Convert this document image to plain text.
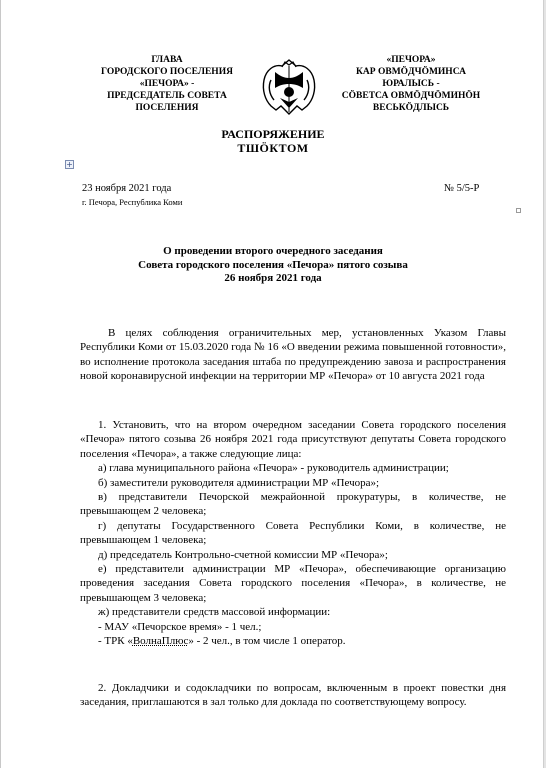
ГЛАВА
ГОРОДСКОГО ПОСЕЛЕНИЯ
«ПЕЧОРА» -
ПРЕДСЕДАТЕЛЬ СОВЕТА
ПОСЕЛЕНИЯ
«ПЕЧОРА»
КАР ОВМÖДЧÖМИНСА
ЮРАЛЫСЬ -
СÖВЕТСА ОВМÖДЧÖМИНÖН
ВЕСЬКÖДЛЫСЬ
РАСПОРЯЖЕНИЕ
ТШÖКТОМ
+
23 ноября 2021 года	№ 5/5-Р
г. Печора, Республика Коми
О проведении второго очередного заседания
Совета городского поселения «Печора» пятого созыва
26 ноября 2021 года

В целях соблюдения ограничительных мер, установленных Указом Главы Республики Коми от 15.03.2020 года № 16 «О введении режима повышенной готовности», во исполнение протокола заседания штаба по предупреждению завоза и распространения новой коронавирусной инфекции на территории МР «Печора» от 10 августа 2021 года

1. Установить, что на втором очередном заседании Совета городского поселения «Печора» пятого созыва 26 ноября 2021 года присутствуют депутаты Совета городского поселения «Печора», а также следующие лица:

а) глава муниципального района «Печора» - руководитель администрации;

б) заместители руководителя администрации МР «Печора»;

в) представители Печорской межрайонной прокуратуры, в количестве, не превышающем 2 человека;

г) депутаты Государственного Совета Республики Коми, в количестве, не превышающем 1 человека;

д) председатель Контрольно-счетной комиссии МР «Печора»;

е) представители администрации МР «Печора», обеспечивающие организацию проведения заседания Совета городского поселения «Печора», в количестве, не превышающем 3 человека;

ж) представители средств массовой информации:

- МАУ «Печорское время» - 1 чел.;

- ТРК «ВолнаПлюс» - 2 чел., в том числе 1 оператор.

2. Докладчики и содокладчики по вопросам, включенным в проект повестки дня заседания, приглашаются в зал только для доклада по соответствующему вопросу.
